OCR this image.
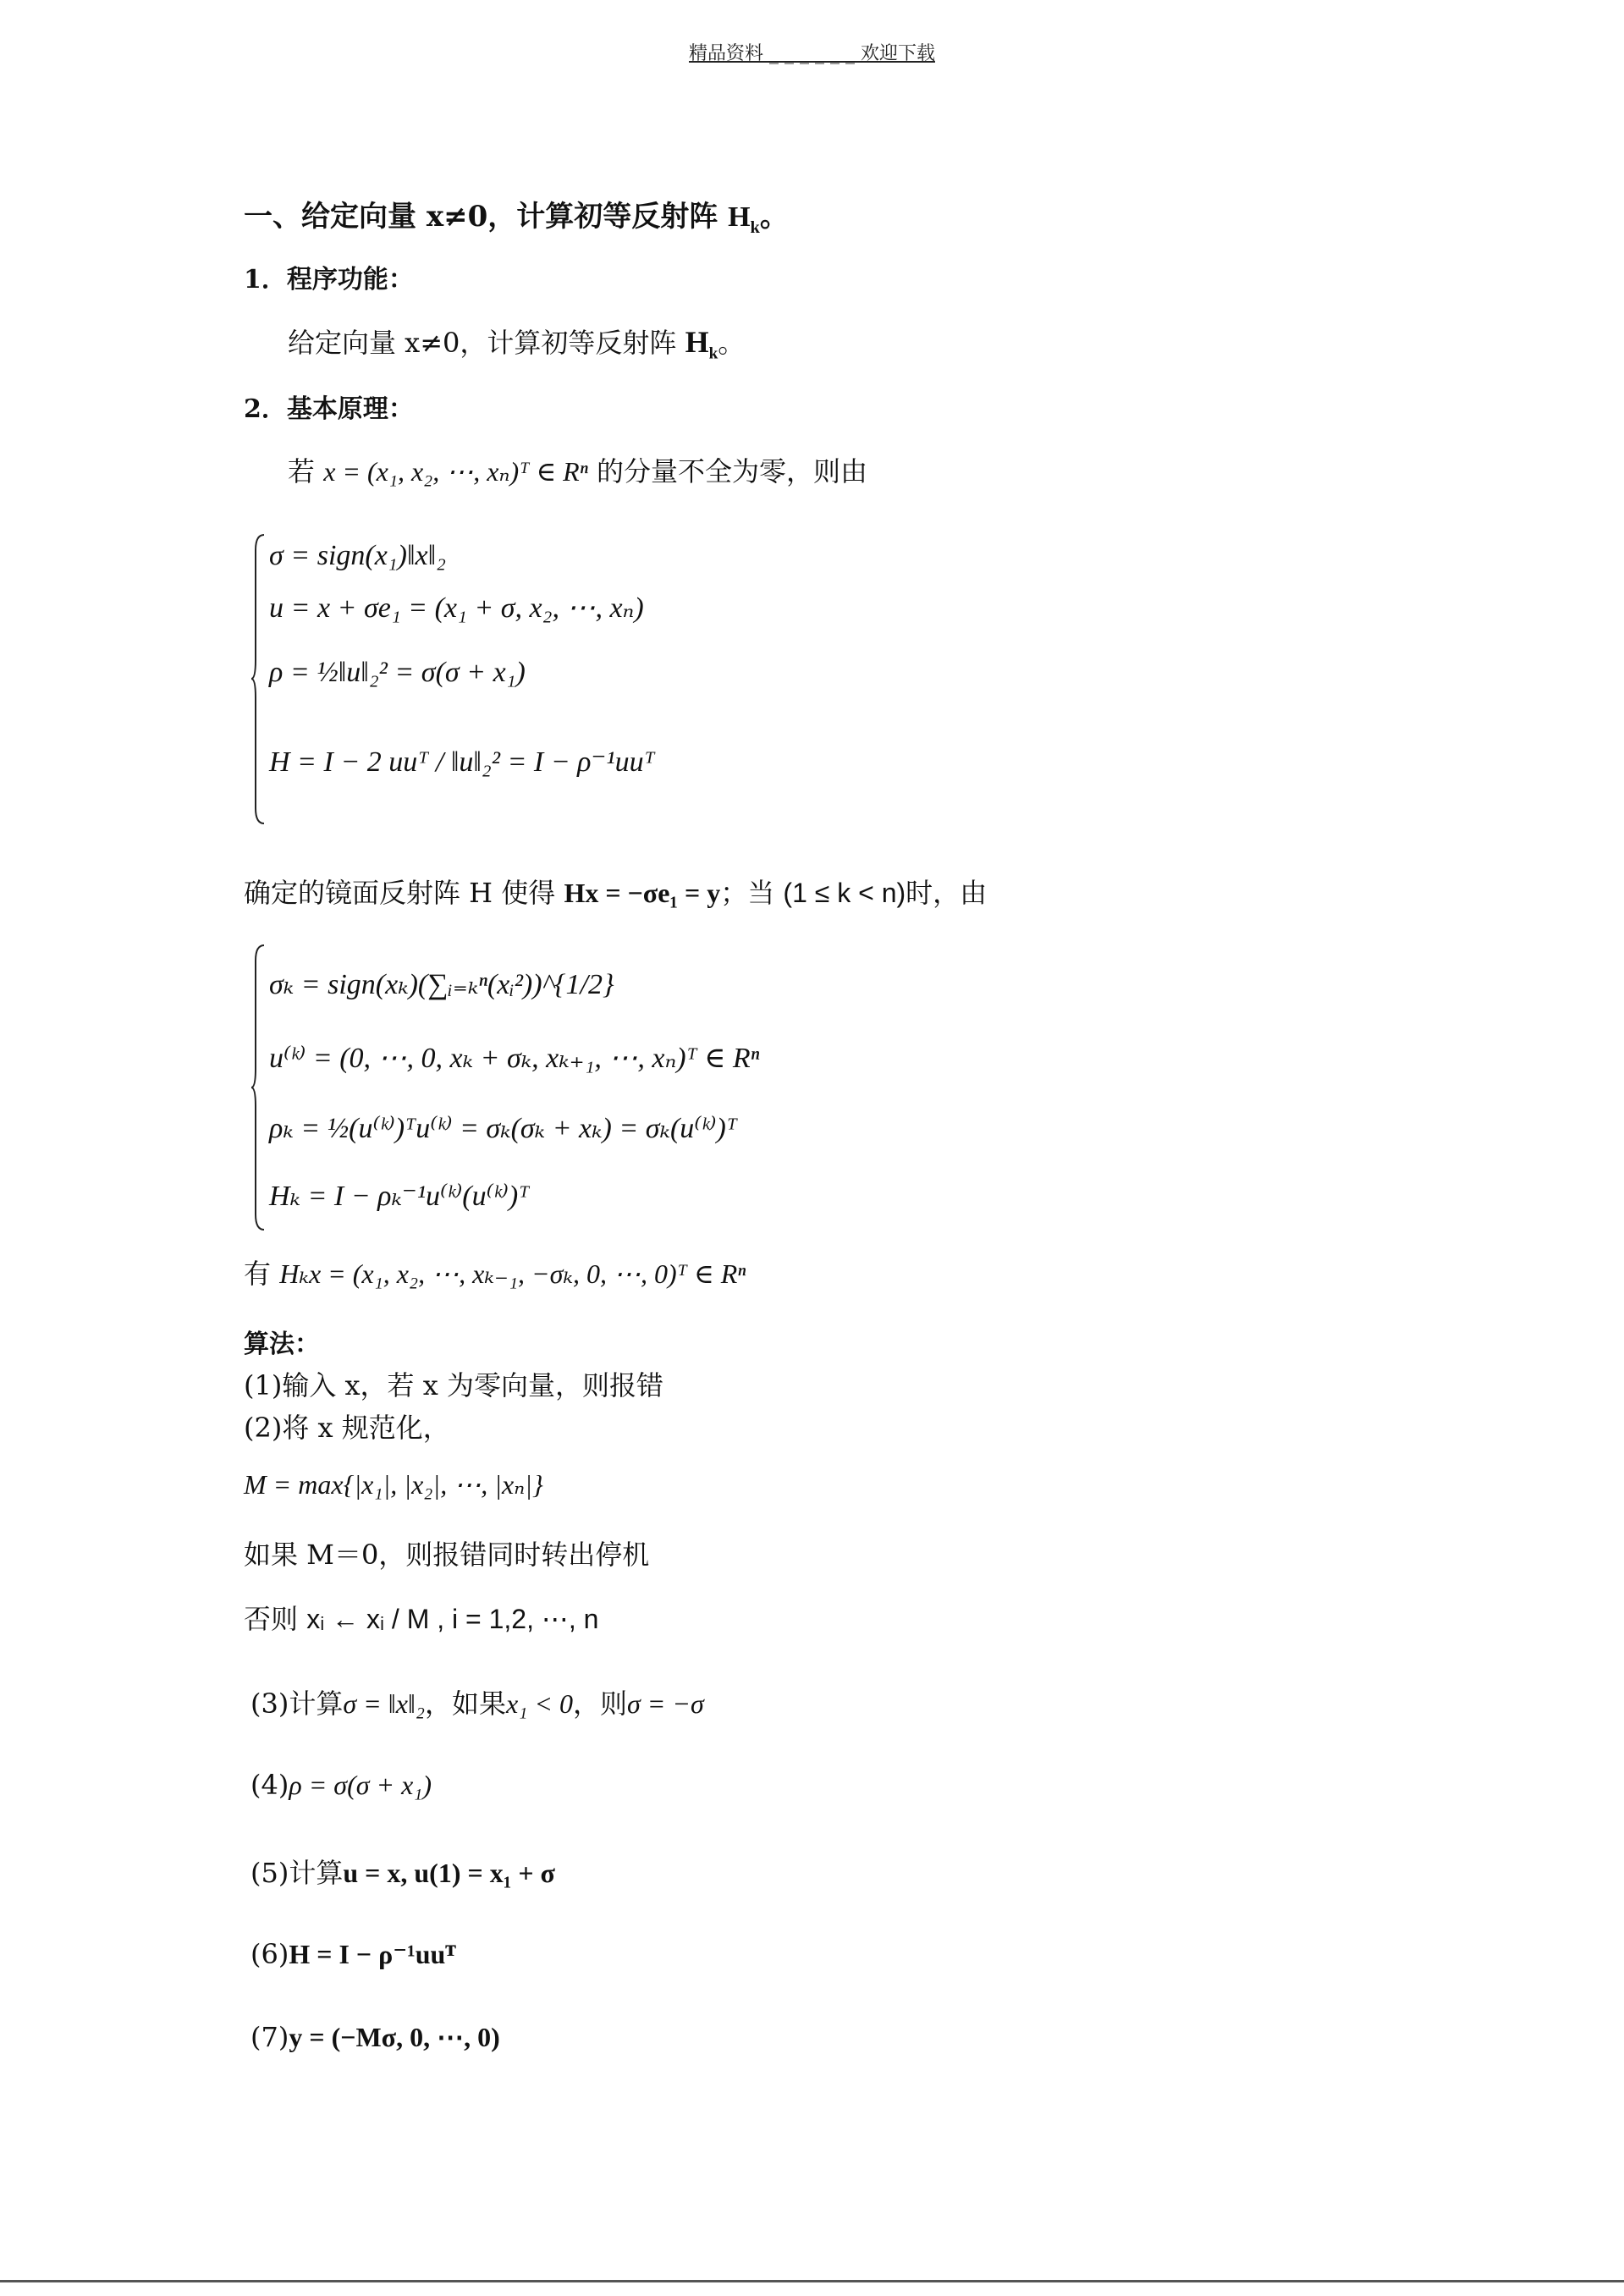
精品资料 _ _ _ _ _ _ 欢迎下载
一、给定向量 x≠0，计算初等反射阵 $H_k$。
1．程序功能：
给定向量 x≠0，计算初等反射阵 $H_k$。
2．基本原理：
若 x = (x₁, x₂, ⋯, xₙ)ᵀ ∈ Rⁿ 的分量不全为零，则由
σ = sign(x₁)‖x‖₂
u = x + σe₁ = (x₁ + σ, x₂, ⋯, xₙ)
ρ = ½‖u‖₂² = σ(σ + x₁)
H = I − 2 uuᵀ / ‖u‖₂² = I − ρ⁻¹uuᵀ
确定的镜面反射阵 H 使得 Hx = −σe₁ = y；当 (1 ≤ k < n)时，由
σₖ = sign(xₖ)(∑ᵢ₌ₖⁿ(xᵢ²))^{1/2}
u⁽ᵏ⁾ = (0, ⋯, 0, xₖ + σₖ, xₖ₊₁, ⋯, xₙ)ᵀ ∈ Rⁿ
ρₖ = ½(u⁽ᵏ⁾)ᵀu⁽ᵏ⁾ = σₖ(σₖ + xₖ) = σₖ(u⁽ᵏ⁾)ᵀ
Hₖ = I − ρₖ⁻¹u⁽ᵏ⁾(u⁽ᵏ⁾)ᵀ
有 Hₖx = (x₁, x₂, ⋯, xₖ₋₁, −σₖ, 0, ⋯, 0)ᵀ ∈ Rⁿ
算法：
(1)输入 x，若 x 为零向量，则报错
(2)将 x 规范化，
M = max{|x₁|, |x₂|, ⋯, |xₙ|}
如果 M＝0，则报错同时转出停机
否则 xᵢ ← xᵢ / M , i = 1,2, ⋯, n
(3)计算σ = ‖x‖₂，如果x₁ < 0，则σ = −σ
(4)ρ = σ(σ + x₁)
(5)计算u = x, u(1) = x₁ + σ
(6)H = I − ρ⁻¹uuᵀ
(7)y = (−Mσ, 0, ⋯, 0)
